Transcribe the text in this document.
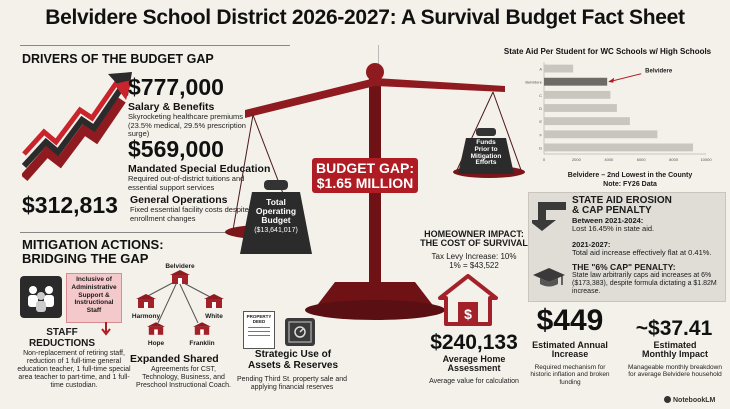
Belvidere School District 2026-2027: A Survival Budget Fact Sheet
DRIVERS OF THE BUDGET GAP
$777,000
Salary & Benefits
Skyrocketing healthcare premiums (23.5% medical, 29.5% prescription surge)
$569,000
Mandated Special Education
Required out-of-district tuitions and essential support services
$312,813 General Operations
Fixed essential facility costs despite enrollment changes
MITIGATION ACTIONS:
BRIDGING THE GAP
Inclusive of Administrative Support & Instructional Staff
STAFF
REDUCTIONS
Non-replacement of retiring staff, reduction of 1 full-time general education teacher, 1 full-time special area teacher to part-time, and 1 full-time custodian.
Belvidere
Harmony	White
Hope	Franklin
Expanded Shared
Agreements for CST, Technology, Business, and Preschool Instructional Coach.
PROPERTY DEED
Strategic Use of Assets & Reserves
Pending Third St. property sale and applying financial reserves
Total
Operating
Budget
($13,641,017)
Funds
Prior to
Mitigation
Efforts
BUDGET GAP:
$1.65 MILLION
HOMEOWNER IMPACT:
THE COST OF SURVIVAL
Tax Levy Increase: 10%
1% = $43,522
$
$240,133
Average Home
Assessment
Average value for calculation
State Aid Per Student for WC Schools w/ High Schools
A
Belvidere
C
D
E
F
G
0	2000	4000	6000	8000	10000
Belvidere
Belvidere – 2nd Lowest in the County
Note: FY26 Data
STATE AID EROSION
& CAP PENALTY
Between 2021-2024:
Lost 16.45% in state aid.
2021-2027:
Total aid increase effectively flat at 0.41%.
THE "6% CAP" PENALTY:
State law arbitrarily caps aid increases at 6% ($173,383), despite formula dictating a $1.82M increase.
$449
Estimated Annual
Increase
Required mechanism for historic inflation and broken funding
~$37.41
Estimated
Monthly Impact
Manageable monthly breakdown for average Belvidere household
NotebookLM
